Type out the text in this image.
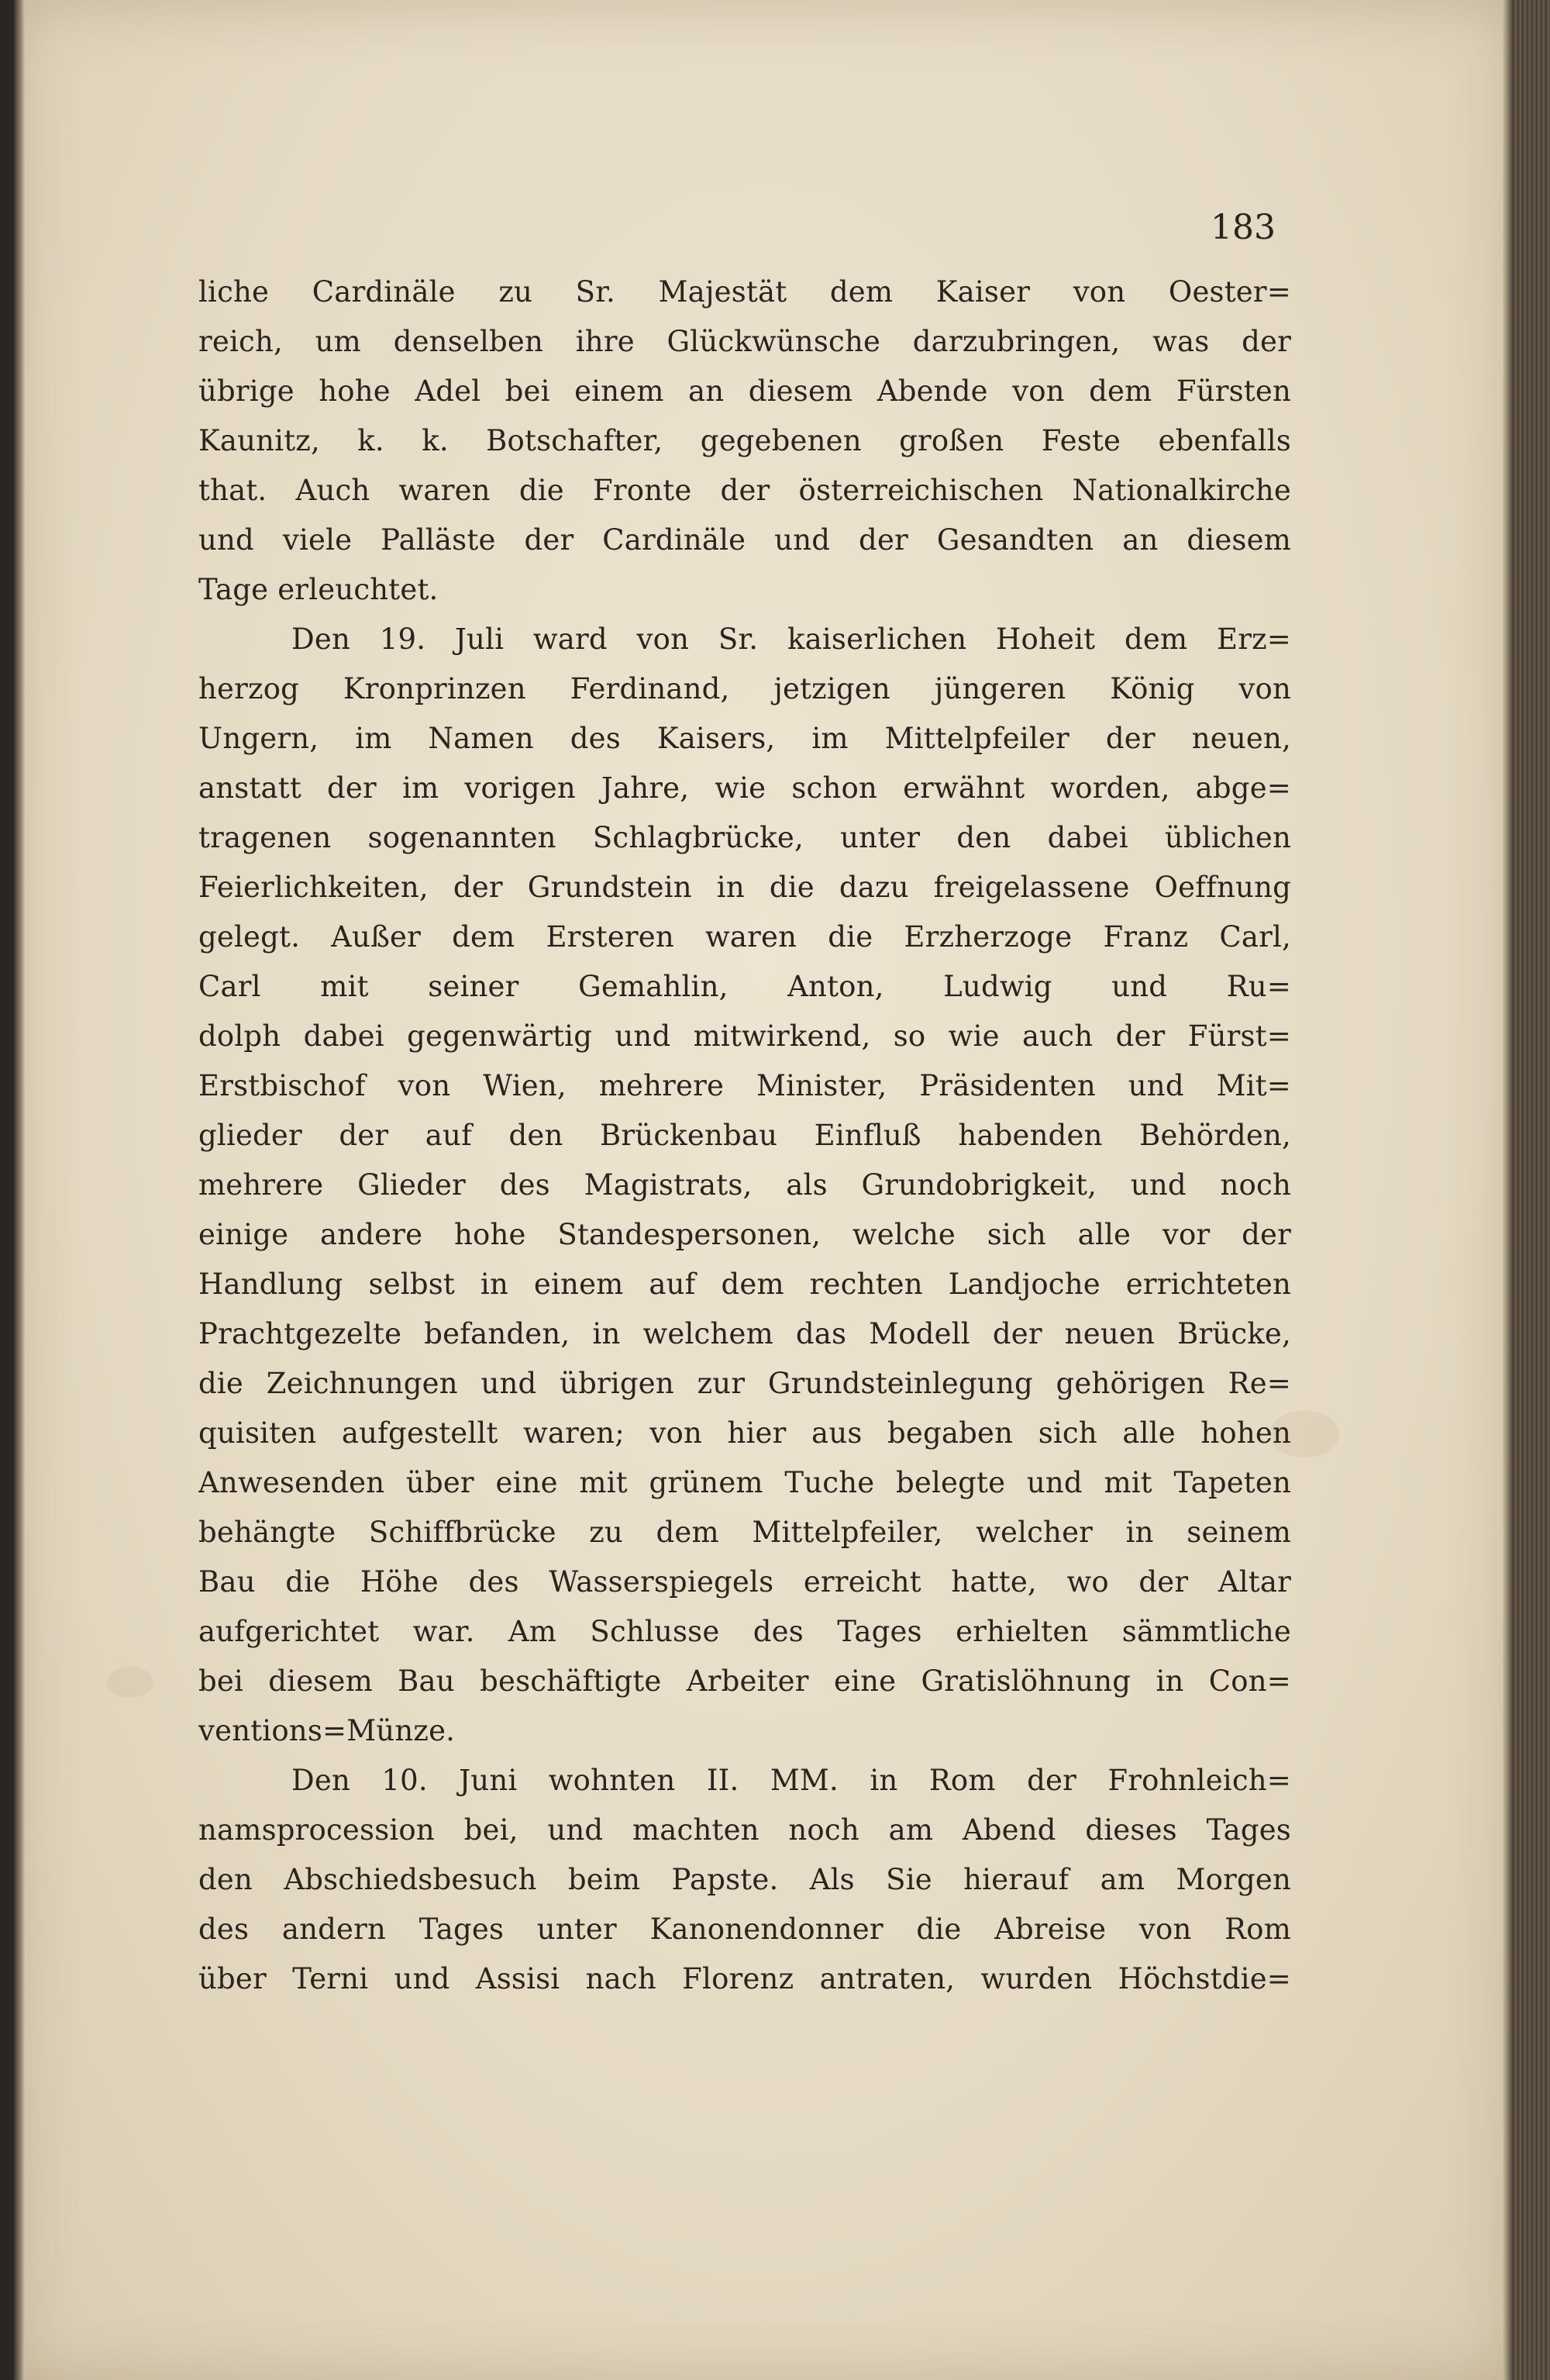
183
liche Cardinäle zu Sr. Majestät dem Kaiser von Oester=
reich, um denselben ihre Glückwünsche darzubringen, was der
übrige hohe Adel bei einem an diesem Abende von dem Fürsten
Kaunitz, k. k. Botschafter, gegebenen großen Feste ebenfalls
that. Auch waren die Fronte der österreichischen Nationalkirche
und viele Palläste der Cardinäle und der Gesandten an diesem
Tage erleuchtet.
Den 19. Juli ward von Sr. kaiserlichen Hoheit dem Erz=
herzog Kronprinzen Ferdinand, jetzigen jüngeren König von
Ungern, im Namen des Kaisers, im Mittelpfeiler der neuen,
anstatt der im vorigen Jahre, wie schon erwähnt worden, abge=
tragenen sogenannten Schlagbrücke, unter den dabei üblichen
Feierlichkeiten, der Grundstein in die dazu freigelassene Oeffnung
gelegt. Außer dem Ersteren waren die Erzherzoge Franz Carl,
Carl mit seiner Gemahlin, Anton, Ludwig und Ru=
dolph dabei gegenwärtig und mitwirkend, so wie auch der Fürst=
Erstbischof von Wien, mehrere Minister, Präsidenten und Mit=
glieder der auf den Brückenbau Einfluß habenden Behörden,
mehrere Glieder des Magistrats, als Grundobrigkeit, und noch
einige andere hohe Standespersonen, welche sich alle vor der
Handlung selbst in einem auf dem rechten Landjoche errichteten
Prachtgezelte befanden, in welchem das Modell der neuen Brücke,
die Zeichnungen und übrigen zur Grundsteinlegung gehörigen Re=
quisiten aufgestellt waren; von hier aus begaben sich alle hohen
Anwesenden über eine mit grünem Tuche belegte und mit Tapeten
behängte Schiffbrücke zu dem Mittelpfeiler, welcher in seinem
Bau die Höhe des Wasserspiegels erreicht hatte, wo der Altar
aufgerichtet war. Am Schlusse des Tages erhielten sämmtliche
bei diesem Bau beschäftigte Arbeiter eine Gratislöhnung in Con=
ventions=Münze.
Den 10. Juni wohnten II. MM. in Rom der Frohnleich=
namsprocession bei, und machten noch am Abend dieses Tages
den Abschiedsbesuch beim Papste. Als Sie hierauf am Morgen
des andern Tages unter Kanonendonner die Abreise von Rom
über Terni und Assisi nach Florenz antraten, wurden Höchstdie=
